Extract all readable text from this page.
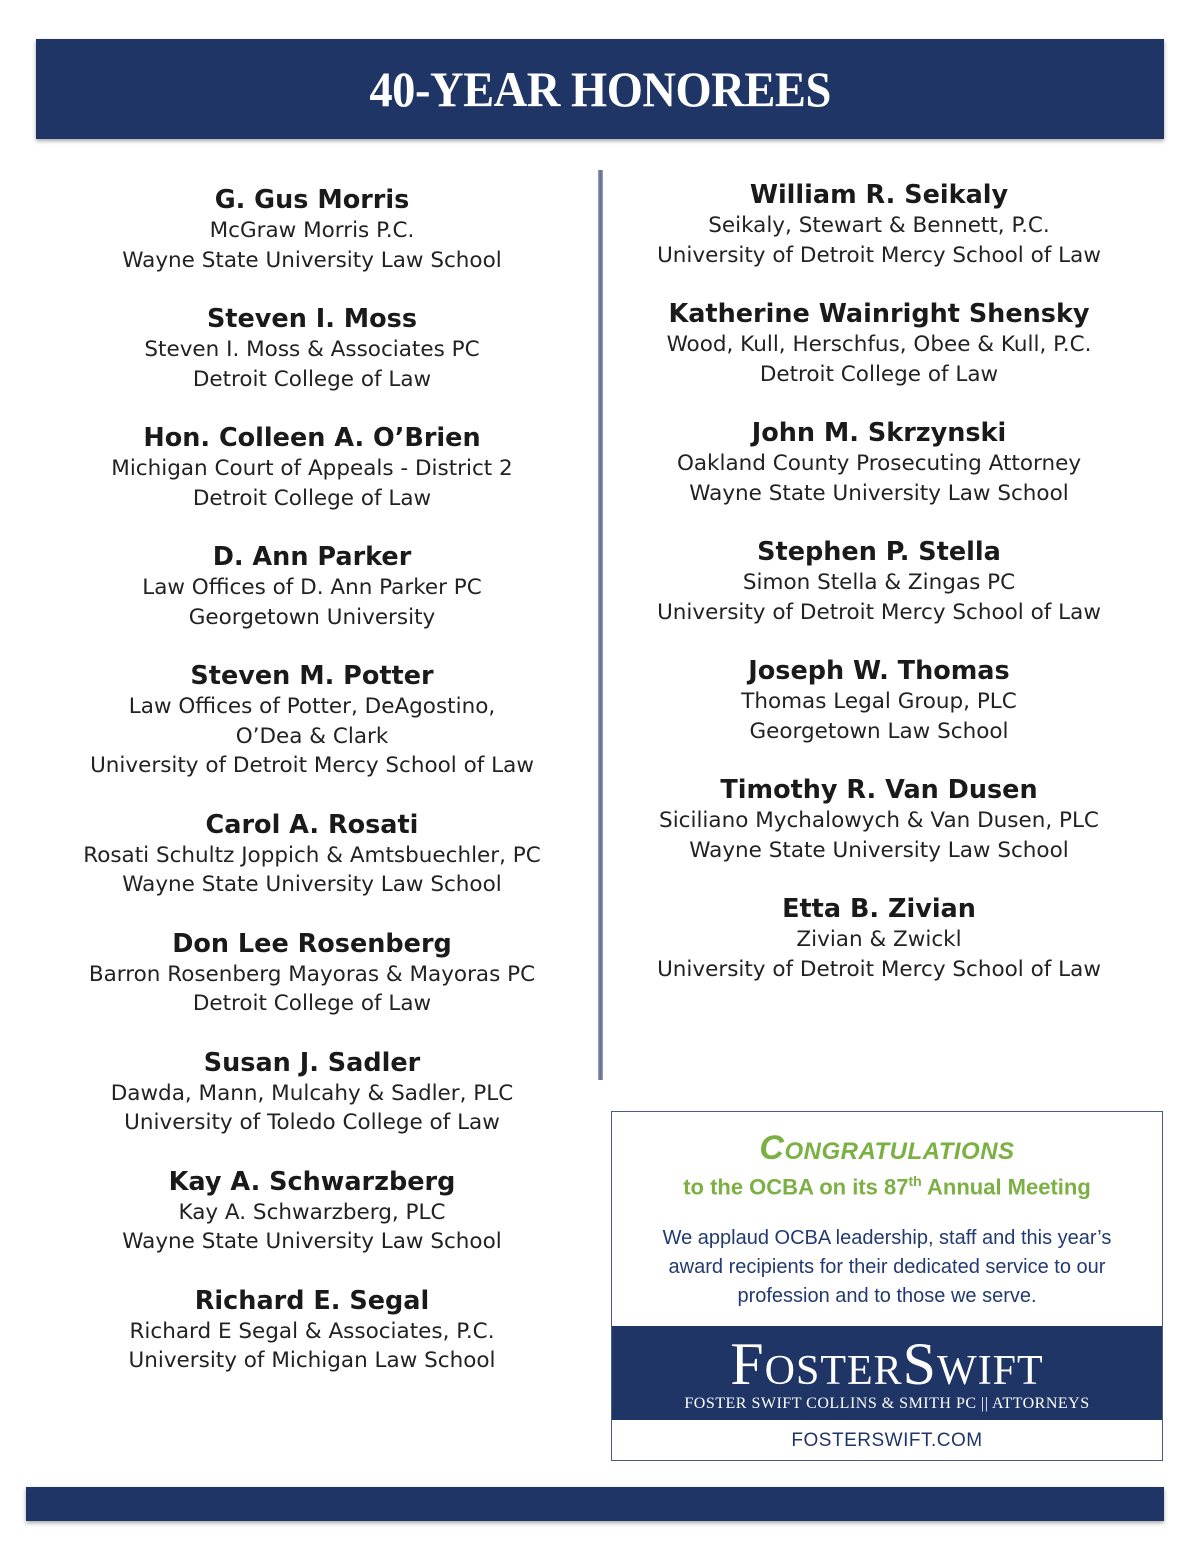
40-YEAR HONOREES
G. Gus Morris
McGraw Morris P.C.
Wayne State University Law School
Steven I. Moss
Steven I. Moss & Associates PC
Detroit College of Law
Hon. Colleen A. O’Brien
Michigan Court of Appeals - District 2
Detroit College of Law
D. Ann Parker
Law Offices of D. Ann Parker PC
Georgetown University
Steven M. Potter
Law Offices of Potter, DeAgostino,
O’Dea & Clark
University of Detroit Mercy School of Law
Carol A. Rosati
Rosati Schultz Joppich & Amtsbuechler, PC
Wayne State University Law School
Don Lee Rosenberg
Barron Rosenberg Mayoras & Mayoras PC
Detroit College of Law
Susan J. Sadler
Dawda, Mann, Mulcahy & Sadler, PLC
University of Toledo College of Law
Kay A. Schwarzberg
Kay A. Schwarzberg, PLC
Wayne State University Law School
Richard E. Segal
Richard E Segal & Associates, P.C.
University of Michigan Law School
William R. Seikaly
Seikaly, Stewart & Bennett, P.C.
University of Detroit Mercy School of Law
Katherine Wainright Shensky
Wood, Kull, Herschfus, Obee & Kull, P.C.
Detroit College of Law
John M. Skrzynski
Oakland County Prosecuting Attorney
Wayne State University Law School
Stephen P. Stella
Simon Stella & Zingas PC
University of Detroit Mercy School of Law
Joseph W. Thomas
Thomas Legal Group, PLC
Georgetown Law School
Timothy R. Van Dusen
Siciliano Mychalowych & Van Dusen, PLC
Wayne State University Law School
Etta B. Zivian
Zivian & Zwickl
University of Detroit Mercy School of Law
Congratulations
to the OCBA on its 87th Annual Meeting
We applaud OCBA leadership, staff and this year’s
award recipients for their dedicated service to our
profession and to those we serve.
FosterSwift
FOSTER SWIFT COLLINS & SMITH PC || ATTORNEYS
FOSTERSWIFT.COM
